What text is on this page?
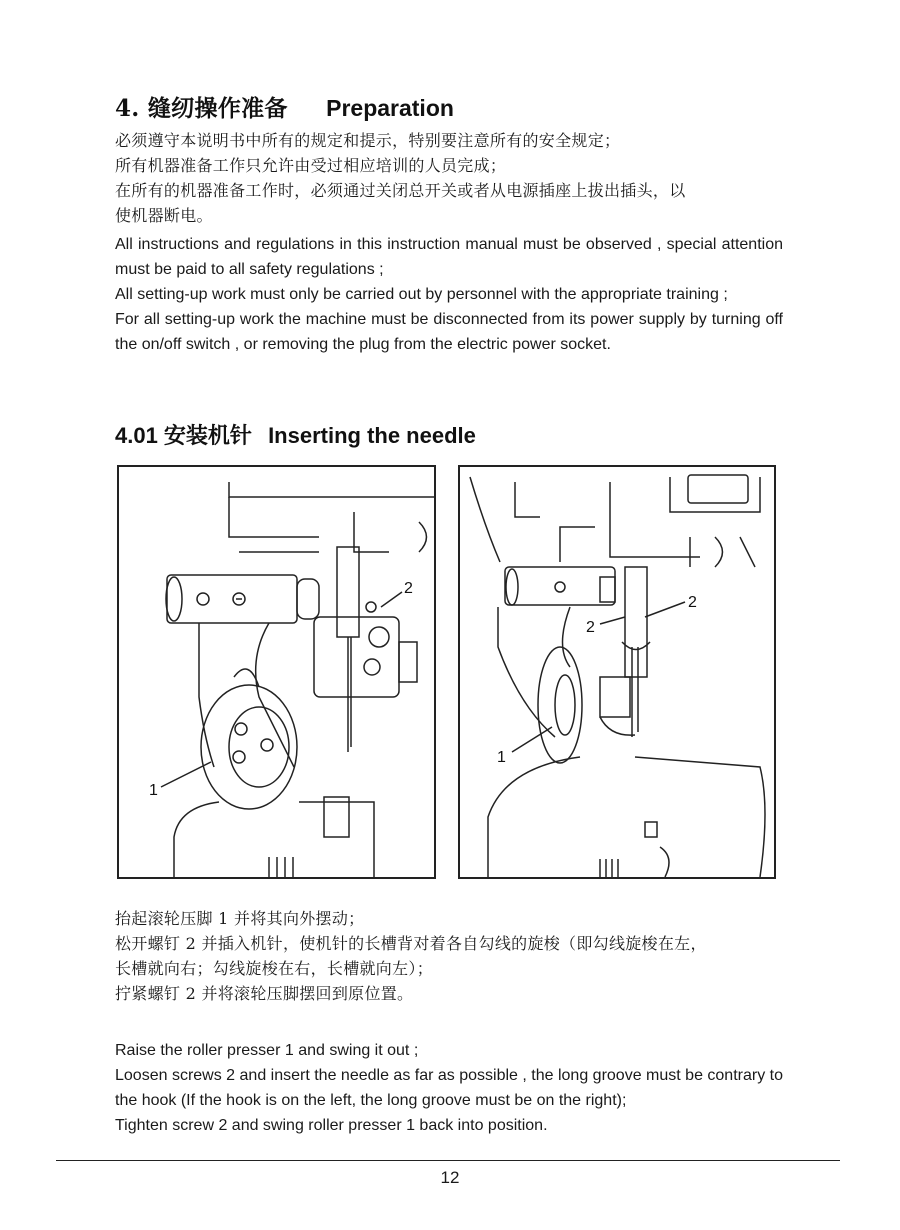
4. 缝纫操作准备 Preparation

必须遵守本说明书中所有的规定和提示，特别要注意所有的安全规定；

所有机器准备工作只允许由受过相应培训的人员完成；

在所有的机器准备工作时，必须通过关闭总开关或者从电源插座上拔出插头，以

使机器断电。

All instructions and regulations in this instruction manual must be observed , special attention must be paid to all safety regulations ;

All setting-up work must only be carried out by personnel with the appropriate training ;

For all setting-up work the machine must be disconnected from its power supply by turning off the on/off switch , or removing the plug from the electric power socket.

4.01 安装机针 Inserting the needle
1
2
1
2
2

抬起滚轮压脚 1 并将其向外摆动；

松开螺钉 2 并插入机针，使机针的长槽背对着各自勾线的旋梭（即勾线旋梭在左，

长槽就向右；勾线旋梭在右，长槽就向左）；

拧紧螺钉 2 并将滚轮压脚摆回到原位置。

Raise the roller presser 1 and swing it out ;

Loosen screws 2 and insert the needle as far as possible , the long groove must be contrary to the hook (If the hook is on the left, the long groove must be on the right);

Tighten screw 2 and swing roller presser 1 back into position.

12
